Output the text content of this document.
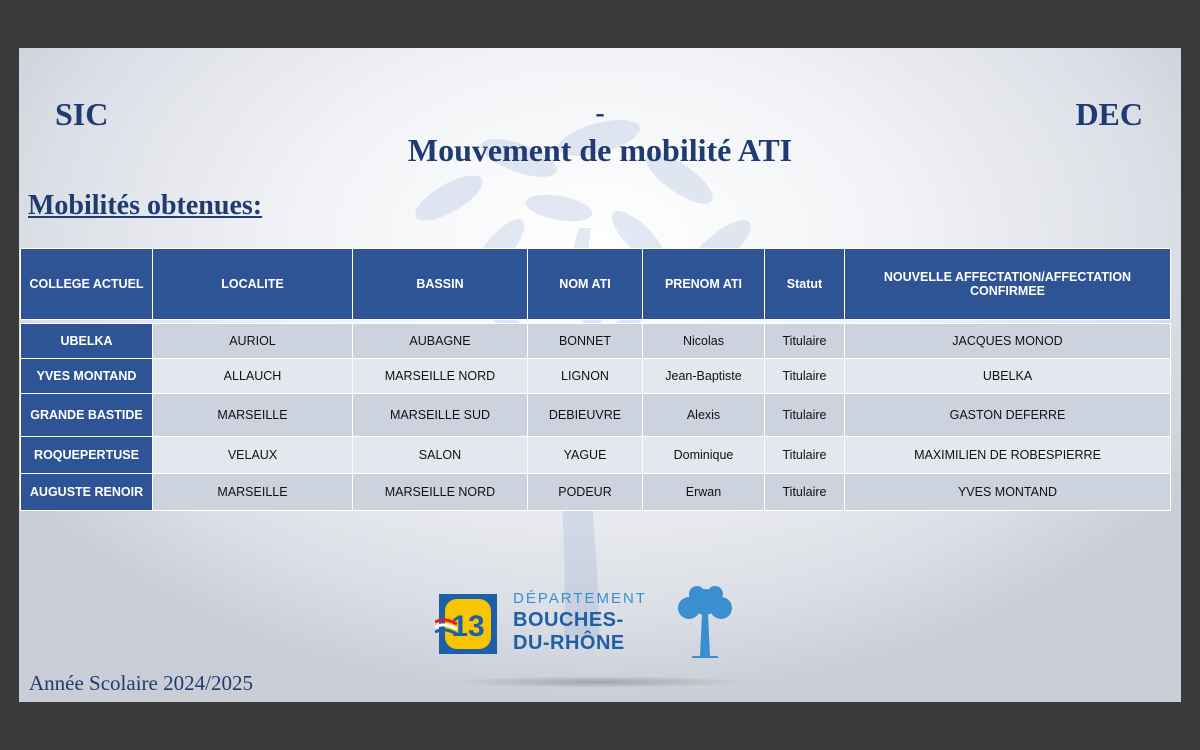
SIC	-	DEC
Mouvement de mobilité ATI
Mobilités obtenues:
COLLEGE ACTUEL	LOCALITE	BASSIN	NOM ATI	PRENOM ATI	Statut	NOUVELLE AFFECTATION/AFFECTATION CONFIRMEE

UBELKA	AURIOL	AUBAGNE	BONNET	Nicolas	Titulaire	JACQUES MONOD
YVES MONTAND	ALLAUCH	MARSEILLE NORD	LIGNON	Jean-Baptiste	Titulaire	UBELKA
GRANDE BASTIDE	MARSEILLE	MARSEILLE SUD	DEBIEUVRE	Alexis	Titulaire	GASTON DEFERRE
ROQUEPERTUSE	VELAUX	SALON	YAGUE	Dominique	Titulaire	MAXIMILIEN DE ROBESPIERRE
AUGUSTE RENOIR	MARSEILLE	MARSEILLE NORD	PODEUR	Erwan	Titulaire	YVES MONTAND
13
DÉPARTEMENT
BOUCHES-
DU-RHÔNE
Année Scolaire 2024/2025
